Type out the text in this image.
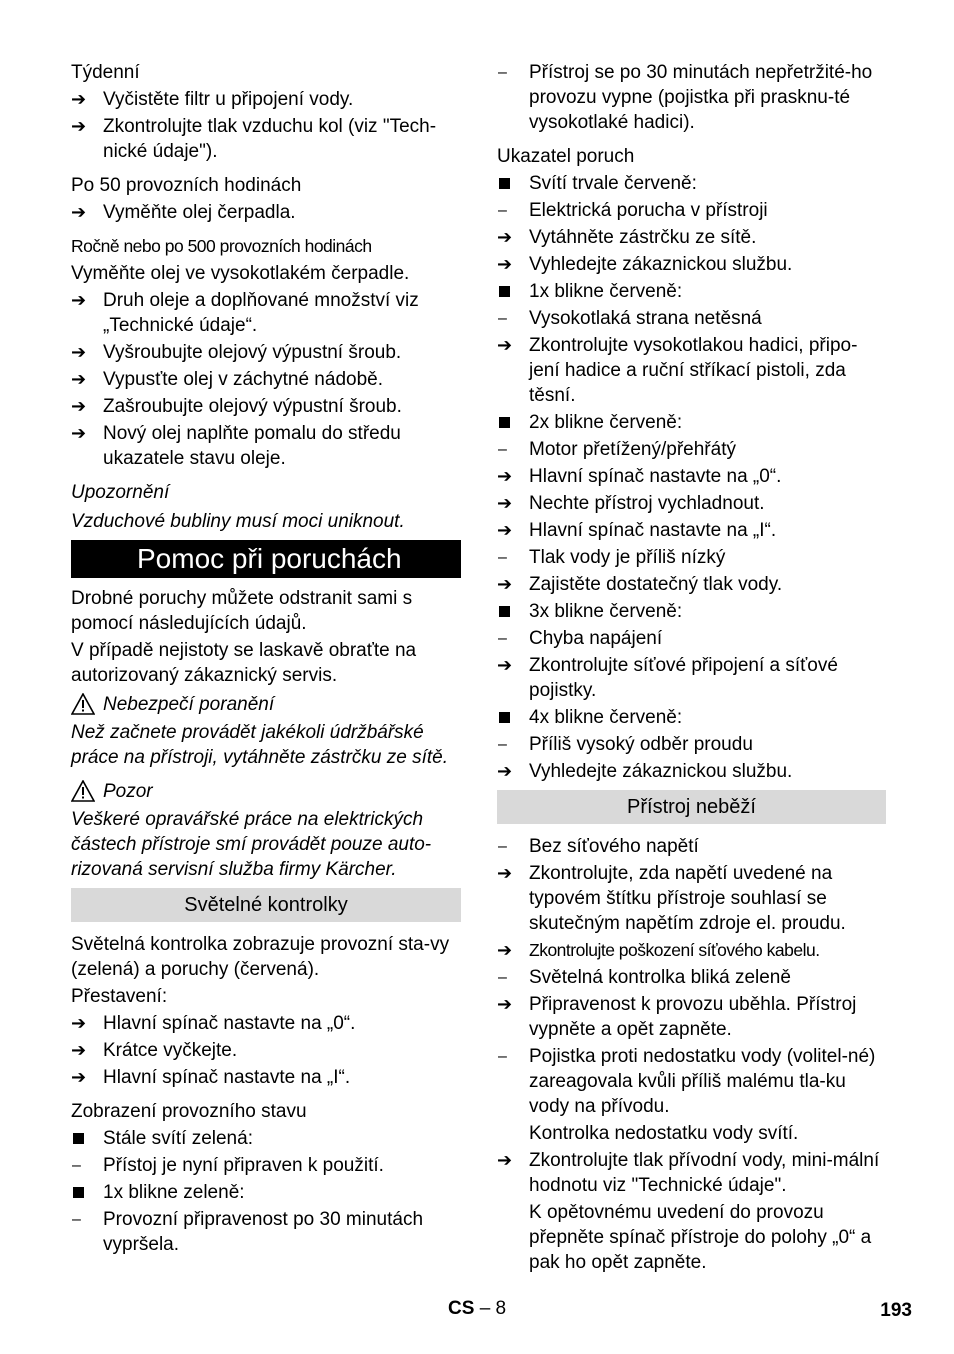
Týdenní
➔ Vyčistěte filtr u připojení vody.
➔ Zkontrolujte tlak vzduchu kol (viz "Tech-nické údaje").
Po 50 provozních hodinách
➔ Vyměňte olej čerpadla.
Ročně nebo po 500 provozních hodinách
Vyměňte olej ve vysokotlakém čerpadle.
➔ Druh oleje a doplňované množství viz „Technické údaje“.
➔ Vyšroubujte olejový výpustní šroub.
➔ Vypusťte olej v záchytné nádobě.
➔ Zašroubujte olejový výpustní šroub.
➔ Nový olej naplňte pomalu do středu ukazatele stavu oleje.
Upozornění
Vzduchové bubliny musí moci uniknout.
Pomoc při poruchách
Drobné poruchy můžete odstranit sami s pomocí následujících údajů.
V případě nejistoty se laskavě obraťte na autorizovaný zákaznický servis.
Nebezpečí poranění
Než začnete provádět jakékoli údržbářské práce na přístroji, vytáhněte zástrčku ze sítě.
Pozor
Veškeré opravářské práce na elektrických částech přístroje smí provádět pouze auto-rizovaná servisní služba firmy Kärcher.
Světelné kontrolky
Světelná kontrolka zobrazuje provozní sta-vy (zelená) a poruchy (červená).
Přestavení:
➔ Hlavní spínač nastavte na „0“.
➔ Krátce vyčkejte.
➔ Hlavní spínač nastavte na „I“.
Zobrazení provozního stavu
Stále svítí zelená:
–	Přístoj je nyní připraven k použití.
1x blikne zeleně:
–	Provozní připravenost po 30 minutách vypršela.
–	Přístroj se po 30 minutách nepřetržité-ho provozu vypne (pojistka při prasknu-té vysokotlaké hadici).
Ukazatel poruch
Svítí trvale červeně:
–	Elektrická porucha v přístroji
➔ Vytáhněte zástrčku ze sítě.
➔ Vyhledejte zákaznickou službu.
1x blikne červeně:
–	Vysokotlaká strana netěsná
➔ Zkontrolujte vysokotlakou hadici, připo-jení hadice a ruční stříkací pistoli, zda těsní.
2x blikne červeně:
–	Motor přetížený/přehřátý
➔ Hlavní spínač nastavte na „0“.
➔ Nechte přístroj vychladnout.
➔ Hlavní spínač nastavte na „I“.
–	Tlak vody je příliš nízký
➔ Zajistěte dostatečný tlak vody.
3x blikne červeně:
–	Chyba napájení
➔ Zkontrolujte síťové připojení a síťové pojistky.
4x blikne červeně:
–	Příliš vysoký odběr proudu
➔ Vyhledejte zákaznickou službu.
Přístroj neběží
–	Bez síťového napětí
➔ Zkontrolujte, zda napětí uvedené na typovém štítku přístroje souhlasí se skutečným napětím zdroje el. proudu.
➔ Zkontrolujte poškození síťového kabelu.
–	Světelná kontrolka bliká zeleně
➔ Připravenost k provozu uběhla. Přístroj vypněte a opět zapněte.
–	Pojistka proti nedostatku vody (volitel-né) zareagovala kvůli příliš malému tla-ku vody na přívodu.
Kontrolka nedostatku vody svítí.
➔ Zkontrolujte tlak přívodní vody, mini-mální hodnotu viz "Technické údaje".
K opětovnému uvedení do provozu přepněte spínač přístroje do polohy „0“ a pak ho opět zapněte.
CS – 8	193
